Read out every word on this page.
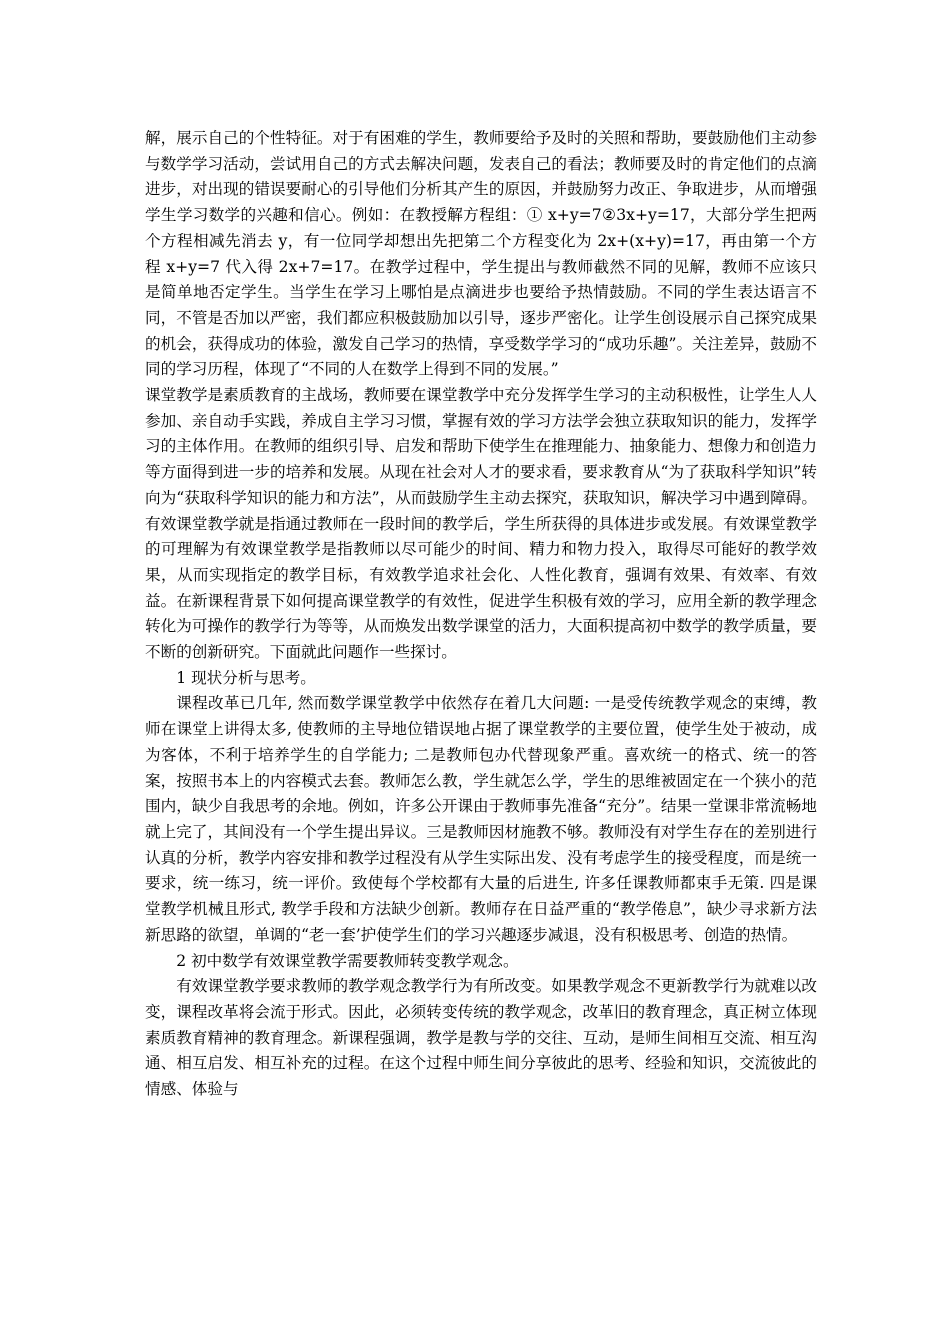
解，展示自己的个性特征。对于有困难的学生，教师要给予及时的关照和帮助，要鼓励他们主动参与数学学习活动，尝试用自己的方式去解决问题，发表自己的看法；教师要及时的肯定他们的点滴进步，对出现的错误要耐心的引导他们分析其产生的原因，并鼓励努力改正、争取进步，从而增强学生学习数学的兴趣和信心。例如：在教授解方程组：① x+y=7②3x+y=17，大部分学生把两个方程相减先消去 y，有一位同学却想出先把第二个方程变化为 2x+(x+y)=17，再由第一个方程 x+y=7 代入得 2x+7=17。在教学过程中，学生提出与教师截然不同的见解，教师不应该只是简单地否定学生。当学生在学习上哪怕是点滴进步也要给予热情鼓励。不同的学生表达语言不同，不管是否加以严密，我们都应积极鼓励加以引导，逐步严密化。让学生创设展示自己探究成果的机会，获得成功的体验，激发自己学习的热情，享受数学学习的“成功乐趣”。关注差异，鼓励不同的学习历程，体现了“不同的人在数学上得到不同的发展。”

课堂教学是素质教育的主战场，教师要在课堂教学中充分发挥学生学习的主动积极性，让学生人人参加、亲自动手实践，养成自主学习习惯，掌握有效的学习方法学会独立获取知识的能力，发挥学习的主体作用。在教师的组织引导、启发和帮助下使学生在推理能力、抽象能力、想像力和创造力等方面得到进一步的培养和发展。从现在社会对人才的要求看，要求教育从“为了获取科学知识”转向为“获取科学知识的能力和方法”，从而鼓励学生主动去探究，获取知识，解决学习中遇到障碍。有效课堂教学就是指通过教师在一段时间的教学后，学生所获得的具体进步或发展。有效课堂教学的可理解为有效课堂教学是指教师以尽可能少的时间、精力和物力投入，取得尽可能好的教学效果，从而实现指定的教学目标，有效教学追求社会化、人性化教育，强调有效果、有效率、有效益。在新课程背景下如何提高课堂教学的有效性，促进学生积极有效的学习，应用全新的教学理念转化为可操作的教学行为等等，从而焕发出数学课堂的活力，大面积提高初中数学的教学质量，要不断的创新研究。下面就此问题作一些探讨。

1 现状分析与思考。

课程改革已几年, 然而数学课堂教学中依然存在着几大问题: 一是受传统教学观念的束缚，教师在课堂上讲得太多, 使教师的主导地位错误地占据了课堂教学的主要位置，使学生处于被动，成为客体，不利于培养学生的自学能力; 二是教师包办代替现象严重。喜欢统一的格式、统一的答案，按照书本上的内容模式去套。教师怎么教，学生就怎么学，学生的思维被固定在一个狭小的范围内，缺少自我思考的余地。例如，许多公开课由于教师事先准备“充分”。结果一堂课非常流畅地就上完了，其间没有一个学生提出异议。三是教师因材施教不够。教师没有对学生存在的差别进行认真的分析，教学内容安排和教学过程没有从学生实际出发、没有考虑学生的接受程度，而是统一要求，统一练习，统一评价。致使每个学校都有大量的后进生, 许多任课教师都束手无策. 四是课堂教学机械且形式, 教学手段和方法缺少创新。教师存在日益严重的“教学倦息”，缺少寻求新方法新思路的欲望，单调的“老一套’护使学生们的学习兴趣逐步减退，没有积极思考、创造的热情。

2 初中数学有效课堂教学需要教师转变教学观念。

有效课堂教学要求教师的教学观念教学行为有所改变。如果教学观念不更新教学行为就难以改变，课程改革将会流于形式。因此，必须转变传统的教学观念，改革旧的教育理念，真正树立体现素质教育精神的教育理念。新课程强调，教学是教与学的交往、互动，是师生间相互交流、相互沟通、相互启发、相互补充的过程。在这个过程中师生间分享彼此的思考、经验和知识，交流彼此的情感、体验与
